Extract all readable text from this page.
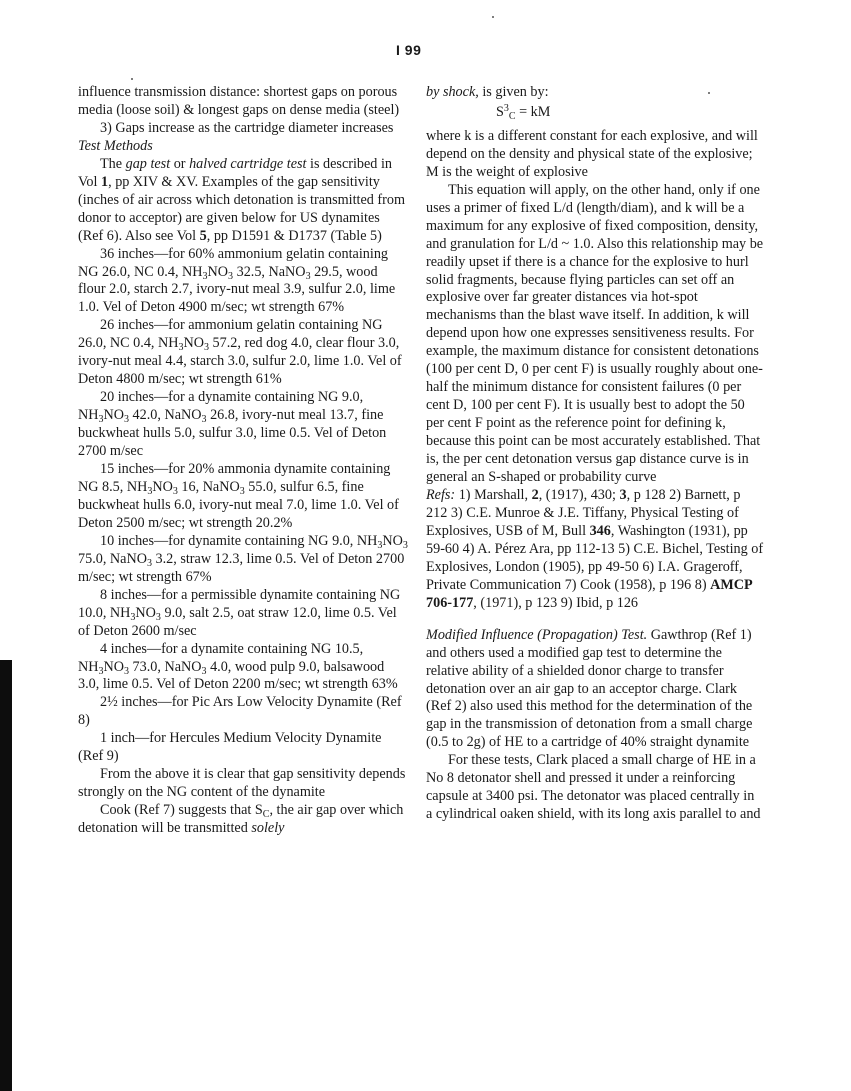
I 99

influence transmission distance: shortest gaps on porous media (loose soil) & longest gaps on dense media (steel)

3) Gaps increase as the cartridge diameter increases

Test Methods

The gap test or halved cartridge test is described in Vol 1, pp XIV & XV. Examples of the gap sensitivity (inches of air across which detonation is transmitted from donor to acceptor) are given below for US dynamites (Ref 6). Also see Vol 5, pp D1591 & D1737 (Table 5)

36 inches—for 60% ammonium gelatin containing NG 26.0, NC 0.4, $NH_3NO_3$ 32.5, NaNO$_3$ 29.5, wood flour 2.0, starch 2.7, ivory-nut meal 3.9, sulfur 2.0, lime 1.0. Vel of Deton 4900 m/sec; wt strength 67%

26 inches—for ammonium gelatin containing NG 26.0, NC 0.4, $NH_3NO_3$ 57.2, red dog 4.0, clear flour 3.0, ivory-nut meal 4.4, starch 3.0, sulfur 2.0, lime 1.0. Vel of Deton 4800 m/sec; wt strength 61%

20 inches—for a dynamite containing NG 9.0, $NH_3NO_3$ 42.0, NaNO$_3$ 26.8, ivory-nut meal 13.7, fine buckwheat hulls 5.0, sulfur 3.0, lime 0.5. Vel of Deton 2700 m/sec

15 inches—for 20% ammonia dynamite containing NG 8.5, $NH_3NO_3$ 16, NaNO$_3$ 55.0, sulfur 6.5, fine buckwheat hulls 6.0, ivory-nut meal 7.0, lime 1.0. Vel of Deton 2500 m/sec; wt strength 20.2%

10 inches—for dynamite containing NG 9.0, $NH_3NO_3$ 75.0, NaNO$_3$ 3.2, straw 12.3, lime 0.5. Vel of Deton 2700 m/sec; wt strength 67%

8 inches—for a permissible dynamite containing NG 10.0, $NH_3NO_3$ 9.0, salt 2.5, oat straw 12.0, lime 0.5. Vel of Deton 2600 m/sec

4 inches—for a dynamite containing NG 10.5, $NH_3NO_3$ 73.0, NaNO$_3$ 4.0, wood pulp 9.0, balsawood 3.0, lime 0.5. Vel of Deton 2200 m/sec; wt strength 63%

2½ inches—for Pic Ars Low Velocity Dynamite (Ref 8)

1 inch—for Hercules Medium Velocity Dynamite (Ref 9)

From the above it is clear that gap sensitivity depends strongly on the NG content of the dynamite

Cook (Ref 7) suggests that $S_C$, the air gap over which detonation will be transmitted solely

by shock, is given by:

$S^3_C$ = kM

where k is a different constant for each explosive, and will depend on the density and physical state of the explosive; M is the weight of explosive

This equation will apply, on the other hand, only if one uses a primer of fixed L/d (length/diam), and k will be a maximum for any explosive of fixed composition, density, and granulation for L/d ~ 1.0. Also this relationship may be readily upset if there is a chance for the explosive to hurl solid fragments, because flying particles can set off an explosive over far greater distances via hot-spot mechanisms than the blast wave itself. In addition, k will depend upon how one expresses sensitiveness results. For example, the maximum distance for consistent detonations (100 per cent D, 0 per cent F) is usually roughly about one-half the minimum distance for consistent failures (0 per cent D, 100 per cent F). It is usually best to adopt the 50 per cent F point as the reference point for defining k, because this point can be most accurately established. That is, the per cent detonation versus gap distance curve is in general an S-shaped or probability curve

Refs: 1) Marshall, 2, (1917), 430; 3, p 128 2) Barnett, p 212 3) C.E. Munroe & J.E. Tiffany, Physical Testing of Explosives, USB of M, Bull 346, Washington (1931), pp 59-60 4) A. Pérez Ara, pp 112-13 5) C.E. Bichel, Testing of Explosives, London (1905), pp 49-50 6) I.A. Grageroff, Private Communication 7) Cook (1958), p 196 8) AMCP 706-177, (1971), p 123 9) Ibid, p 126

Modified Influence (Propagation) Test. Gawthrop (Ref 1) and others used a modified gap test to determine the relative ability of a shielded donor charge to transfer detonation over an air gap to an acceptor charge. Clark (Ref 2) also used this method for the determination of the gap in the transmission of detonation from a small charge (0.5 to 2g) of HE to a cartridge of 40% straight dynamite

For these tests, Clark placed a small charge of HE in a No 8 detonator shell and pressed it under a reinforcing capsule at 3400 psi. The detonator was placed centrally in a cylindrical oaken shield, with its long axis parallel to and
